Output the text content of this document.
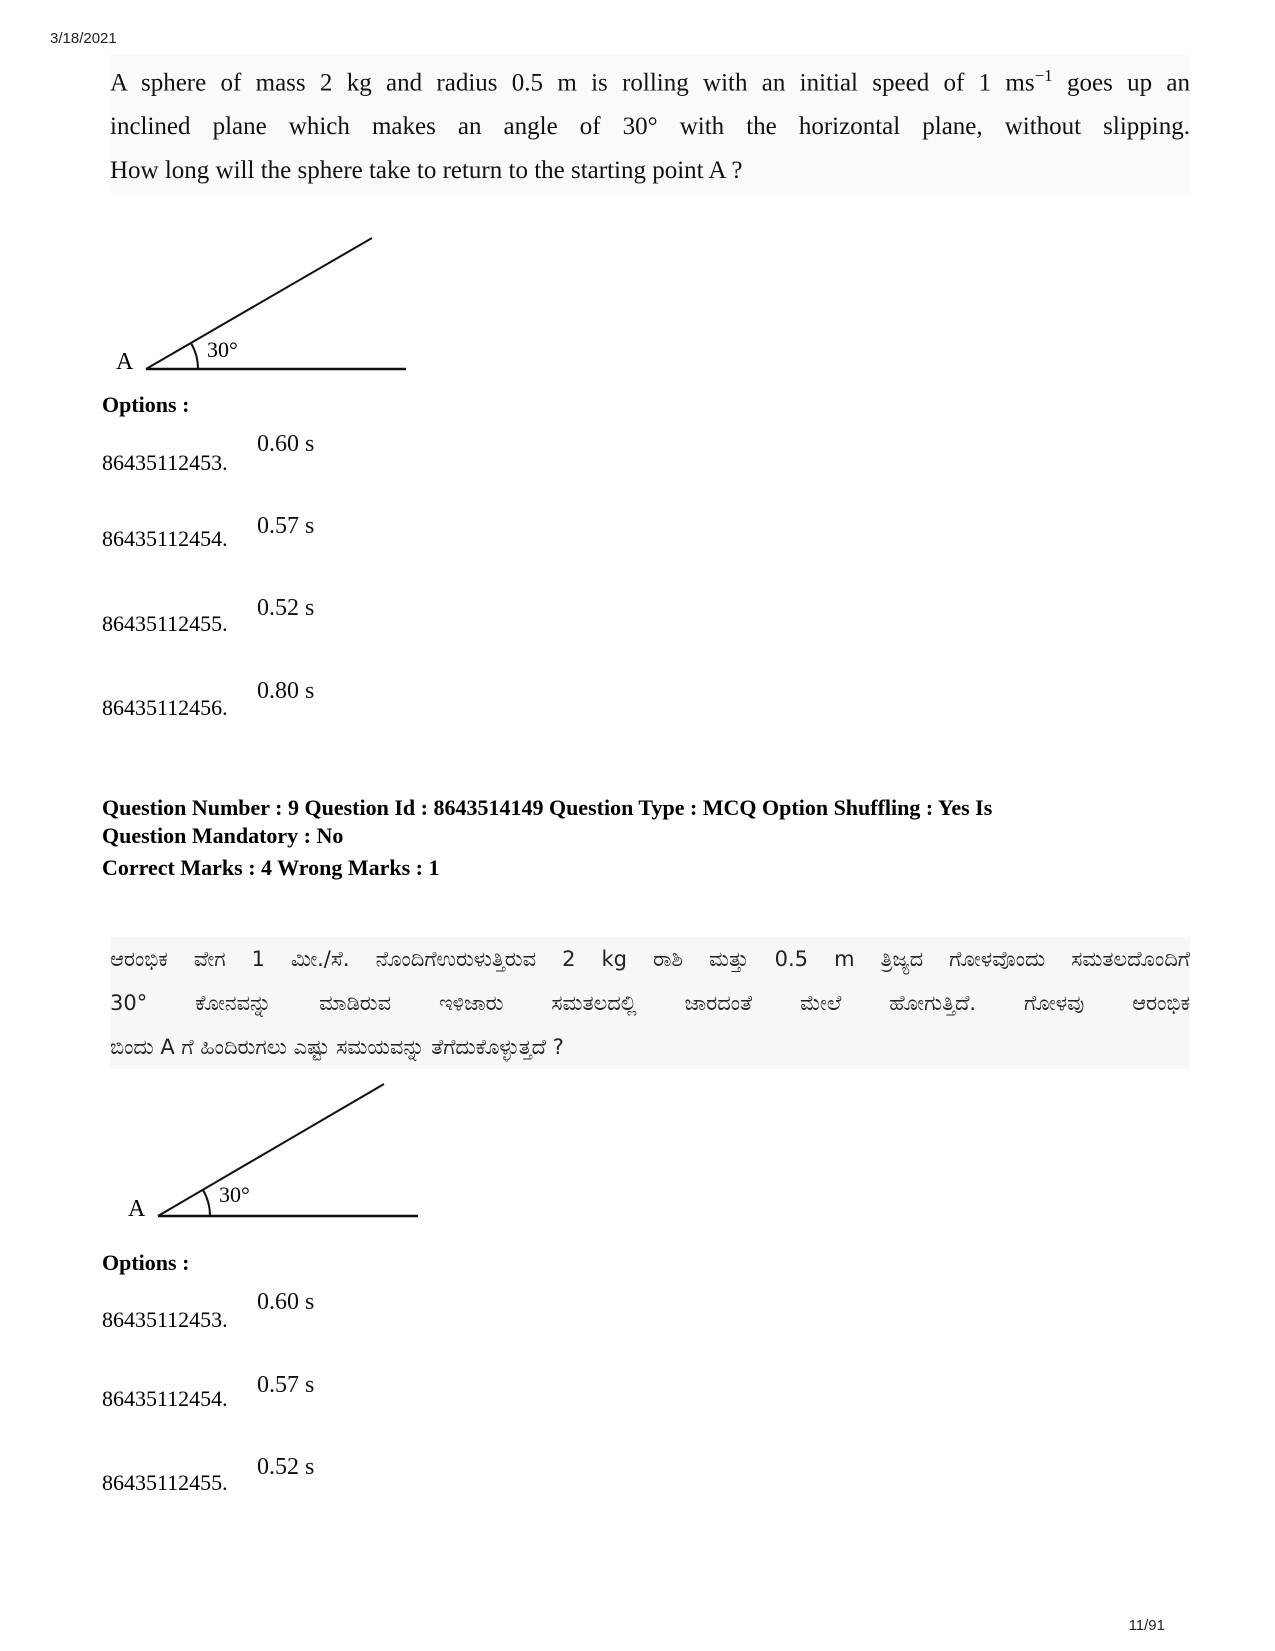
3/18/2021

A sphere of mass 2 kg and radius 0.5 m is rolling with an initial speed of 1 $ms^{-1}$ goes up an

inclined plane which makes an angle of 30° with the horizontal plane, without slipping.

How long will the sphere take to return to the starting point A ?

A	30°
Options :
86435112453.
0.60 s
86435112454. 0.57 s
86435112455.
0.52 s
86435112456.
0.80 s
Question Number : 9 Question Id : 8643514149 Question Type : MCQ Option Shuffling : Yes Is
Question Mandatory : No
Correct Marks : 4 Wrong Marks : 1

ಆರಂಭಿಕ ವೇಗ 1 ಮೀ./ಸೆ. ನೊಂದಿಗೆಉರುಳುತ್ತಿರುವ 2 kg ರಾಶಿ ಮತ್ತು 0.5 m ತ್ರಿಜ್ಯದ ಗೋಳವೊಂದು ಸಮತಲದೊಂದಿಗೆ

30° ಕೋನವನ್ನು ಮಾಡಿರುವ ಇಳಿಜಾರು ಸಮತಲದಲ್ಲಿ ಜಾರದಂತೆ ಮೇಲೆ ಹೋಗುತ್ತಿದೆ. ಗೋಳವು ಆರಂಭಿಕ

ಬಿಂದು A ಗೆ ಹಿಂದಿರುಗಲು ಎಷ್ಟು ಸಮಯವನ್ನು ತೆಗೆದುಕೊಳ್ಳುತ್ತದೆ ?

A
30°
Options :
86435112453.
0.60 s
86435112454.
0.57 s
86435112455.
0.52 s
11/91
